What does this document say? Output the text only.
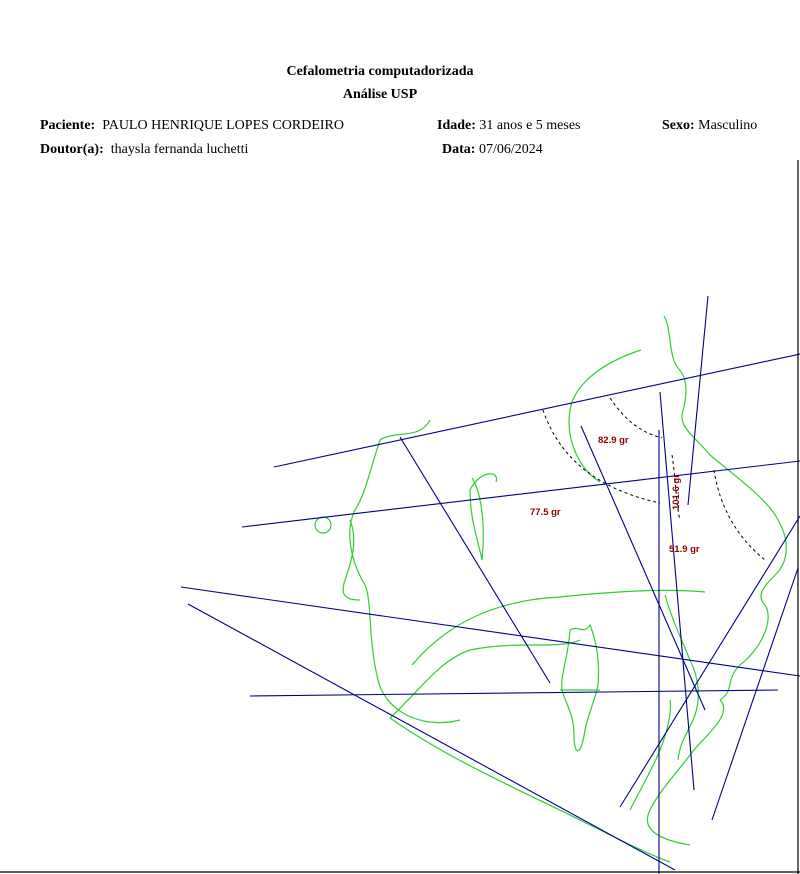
Cefalometria computadorizada
Análise USP
Paciente: PAULO HENRIQUE LOPES CORDEIRO	Idade: 31 anos e 5 meses	Sexo: Masculino
Doutor(a): thaysla fernanda luchetti	Data: 07/06/2024
82.9 gr
77.5 gr
101.6 gr
51.9 gr
